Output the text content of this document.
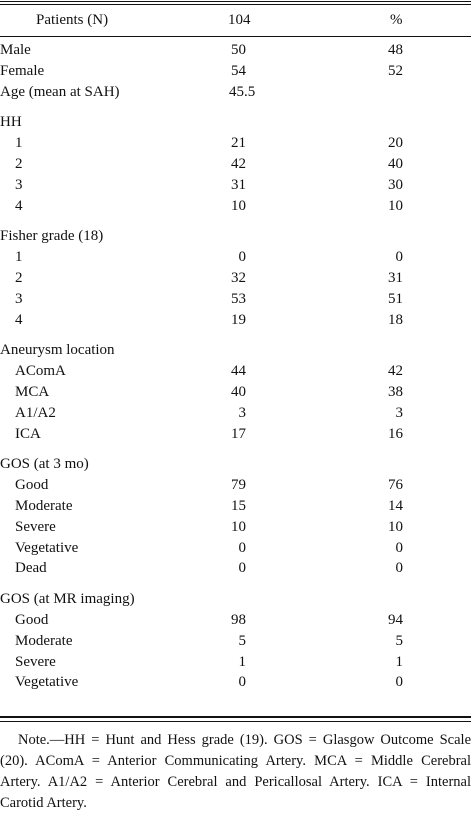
Patients (N)	104	%
Male	50	48
Female	54	52
Age (mean at SAH)	45.5
HH
1	21	20
2	42	40
3	31	30
4	10	10
Fisher grade (18)
1	0	0
2	32	31
3	53	51
4	19	18
Aneurysm location
AComA	44	42
MCA	40	38
A1/A2	3	3
ICA	17	16
GOS (at 3 mo)
Good	79	76
Moderate	15	14
Severe	10	10
Vegetative	0	0
Dead	0	0
GOS (at MR imaging)
Good	98	94
Moderate	5	5
Severe	1	1
Vegetative	0	0
Note.—HH = Hunt and Hess grade (19). GOS = Glasgow Outcome Scale (20). AComA = Anterior Communicating Artery. MCA = Middle Cerebral Artery. A1/A2 = Anterior Cerebral and Pericallosal Artery. ICA = Internal Carotid Artery.
